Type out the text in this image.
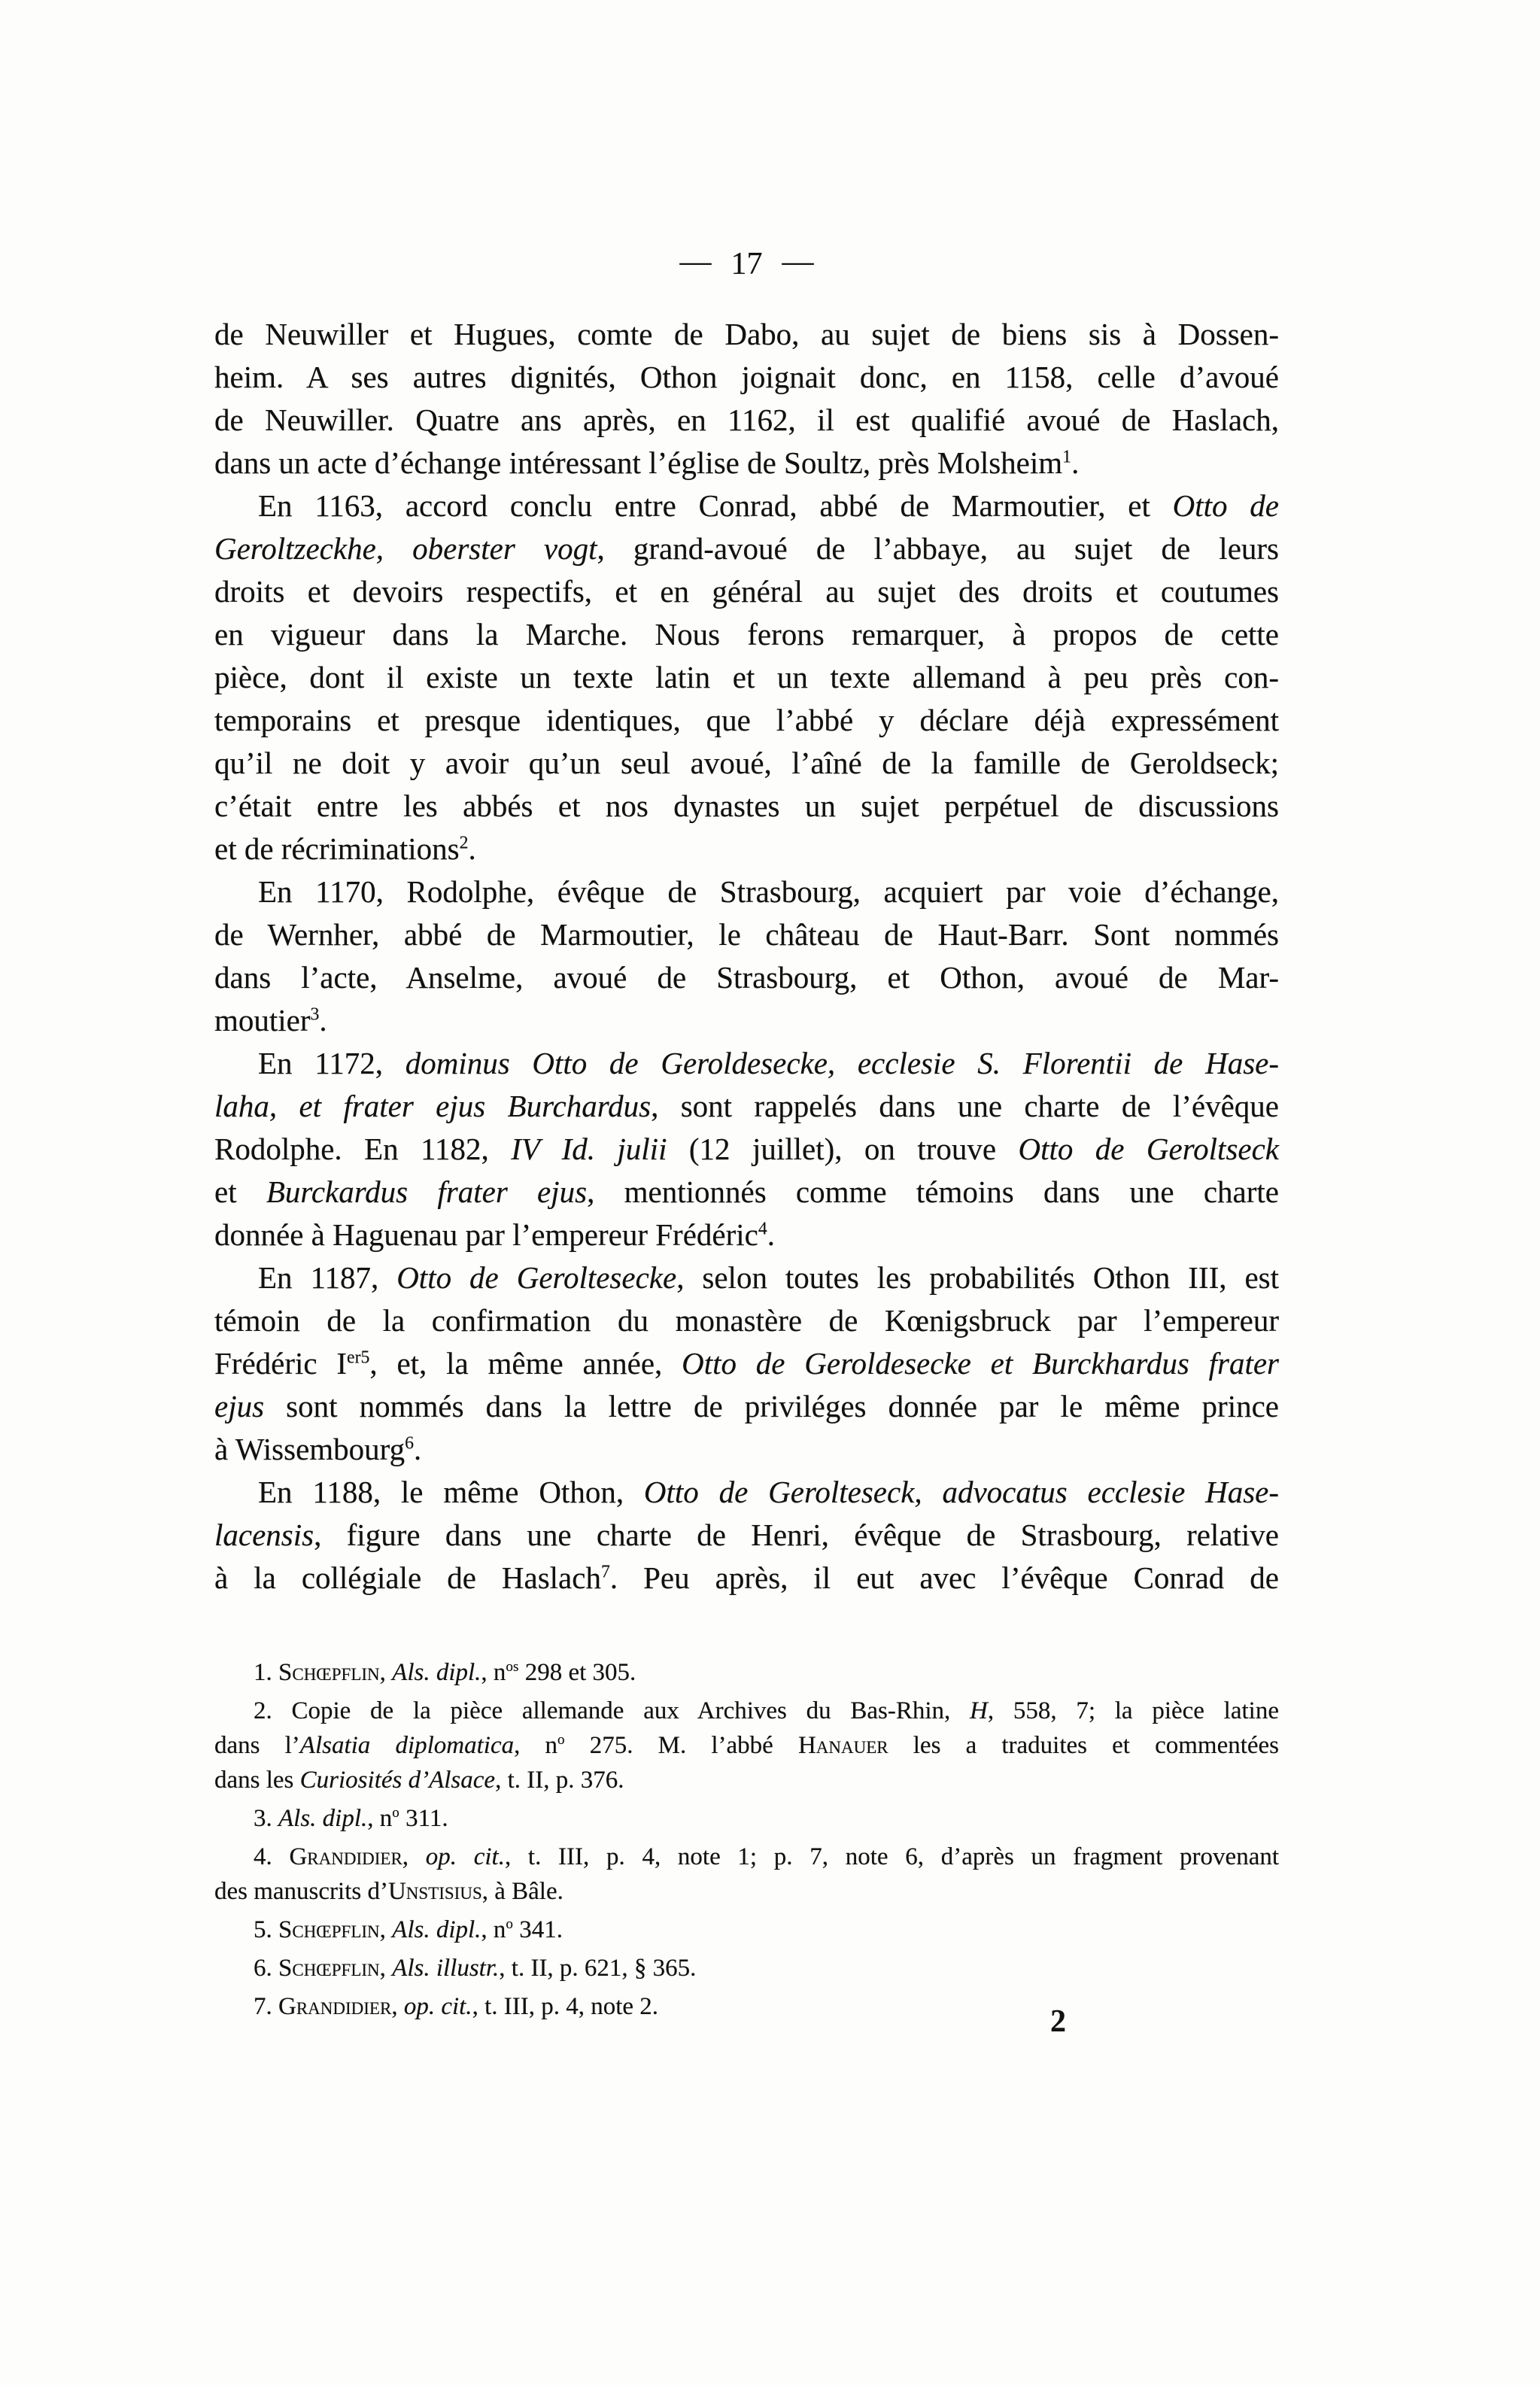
— 17 —
de Neuwiller et Hugues, comte de Dabo, au sujet de biens sis à Dossen-
heim. A ses autres dignités, Othon joignait donc, en 1158, celle d’avoué
de Neuwiller. Quatre ans après, en 1162, il est qualifié avoué de Haslach,
dans un acte d’échange intéressant l’église de Soultz, près Molsheim$^1$.
En 1163, accord conclu entre Conrad, abbé de Marmoutier, et Otto de
Geroltzeckhe, oberster vogt, grand-avoué de l’abbaye, au sujet de leurs
droits et devoirs respectifs, et en général au sujet des droits et coutumes
en vigueur dans la Marche. Nous ferons remarquer, à propos de cette
pièce, dont il existe un texte latin et un texte allemand à peu près con-
temporains et presque identiques, que l’abbé y déclare déjà expressément
qu’il ne doit y avoir qu’un seul avoué, l’aîné de la famille de Geroldseck;
c’était entre les abbés et nos dynastes un sujet perpétuel de discussions
et de récriminations$^2$.
En 1170, Rodolphe, évêque de Strasbourg, acquiert par voie d’échange,
de Wernher, abbé de Marmoutier, le château de Haut-Barr. Sont nommés
dans l’acte, Anselme, avoué de Strasbourg, et Othon, avoué de Mar-
moutier$^3$.
En 1172, dominus Otto de Geroldesecke, ecclesie S. Florentii de Hase-
laha, et frater ejus Burchardus, sont rappelés dans une charte de l’évêque
Rodolphe. En 1182, IV Id. julii (12 juillet), on trouve Otto de Geroltseck
et Burckardus frater ejus, mentionnés comme témoins dans une charte
donnée à Haguenau par l’empereur Frédéric$^4$.
En 1187, Otto de Geroltesecke, selon toutes les probabilités Othon III, est
témoin de la confirmation du monastère de Kœnigsbruck par l’empereur
Frédéric $I^{er5}$, et, la même année, Otto de Geroldesecke et Burckhardus frater
ejus sont nommés dans la lettre de priviléges donnée par le même prince
à Wissembourg$^6$.
En 1188, le même Othon, Otto de Gerolteseck, advocatus ecclesie Hase-
lacensis, figure dans une charte de Henri, évêque de Strasbourg, relative
à la collégiale de Haslach$^7$. Peu après, il eut avec l’évêque Conrad de
1. Schœpflin, Als. dipl., $n^{os}$ 298 et 305.
2. Copie de la pièce allemande aux Archives du Bas-Rhin, H, 558, 7; la pièce latine
dans l’Alsatia diplomatica, $n^o$ 275. M. l’abbé Hanauer les a traduites et commentées
dans les Curiosités d’Alsace, t. II, p. 376.
3. Als. dipl., $n^o$ 311.
4. Grandidier, op. cit., t. III, p. 4, note 1; p. 7, note 6, d’après un fragment provenant
des manuscrits d’Unstisius, à Bâle.
5. Schœpflin, Als. dipl., $n^o$ 341.
6. Schœpflin, Als. illustr., t. II, p. 621, § 365.
7. Grandidier, op. cit., t. III, p. 4, note 2.	2
